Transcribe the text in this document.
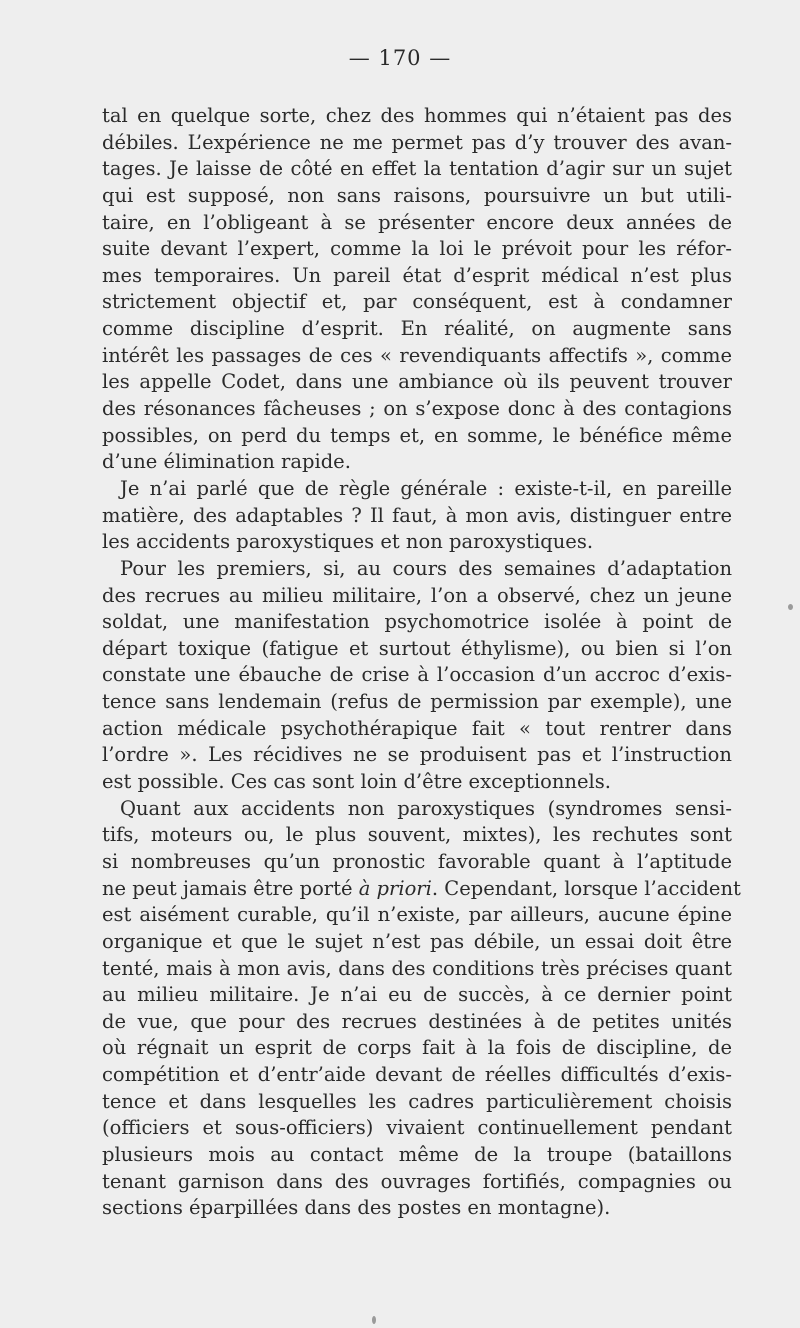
— 170 —
tal en quelque sorte, chez des hommes qui n’étaient pas des
débiles. L’expérience ne me permet pas d’y trouver des avan-
tages. Je laisse de côté en effet la tentation d’agir sur un sujet
qui est supposé, non sans raisons, poursuivre un but utili-
taire, en l’obligeant à se présenter encore deux années de
suite devant l’expert, comme la loi le prévoit pour les réfor-
mes temporaires. Un pareil état d’esprit médical n’est plus
strictement objectif et, par conséquent, est à condamner
comme discipline d’esprit. En réalité, on augmente sans
intérêt les passages de ces « revendiquants affectifs », comme
les appelle Codet, dans une ambiance où ils peuvent trouver
des résonances fâcheuses ; on s’expose donc à des contagions
possibles, on perd du temps et, en somme, le bénéfice même
d’une élimination rapide.
Je n’ai parlé que de règle générale : existe-t-il, en pareille
matière, des adaptables ? Il faut, à mon avis, distinguer entre
les accidents paroxystiques et non paroxystiques.
Pour les premiers, si, au cours des semaines d’adaptation
des recrues au milieu militaire, l’on a observé, chez un jeune
soldat, une manifestation psychomotrice isolée à point de
départ toxique (fatigue et surtout éthylisme), ou bien si l’on
constate une ébauche de crise à l’occasion d’un accroc d’exis-
tence sans lendemain (refus de permission par exemple), une
action médicale psychothérapique fait « tout rentrer dans
l’ordre ». Les récidives ne se produisent pas et l’instruction
est possible. Ces cas sont loin d’être exceptionnels.
Quant aux accidents non paroxystiques (syndromes sensi-
tifs, moteurs ou, le plus souvent, mixtes), les rechutes sont
si nombreuses qu’un pronostic favorable quant à l’aptitude
ne peut jamais être porté à priori. Cependant, lorsque l’accident
est aisément curable, qu’il n’existe, par ailleurs, aucune épine
organique et que le sujet n’est pas débile, un essai doit être
tenté, mais à mon avis, dans des conditions très précises quant
au milieu militaire. Je n’ai eu de succès, à ce dernier point
de vue, que pour des recrues destinées à de petites unités
où régnait un esprit de corps fait à la fois de discipline, de
compétition et d’entr’aide devant de réelles difficultés d’exis-
tence et dans lesquelles les cadres particulièrement choisis
(officiers et sous-officiers) vivaient continuellement pendant
plusieurs mois au contact même de la troupe (bataillons
tenant garnison dans des ouvrages fortifiés, compagnies ou
sections éparpillées dans des postes en montagne).
